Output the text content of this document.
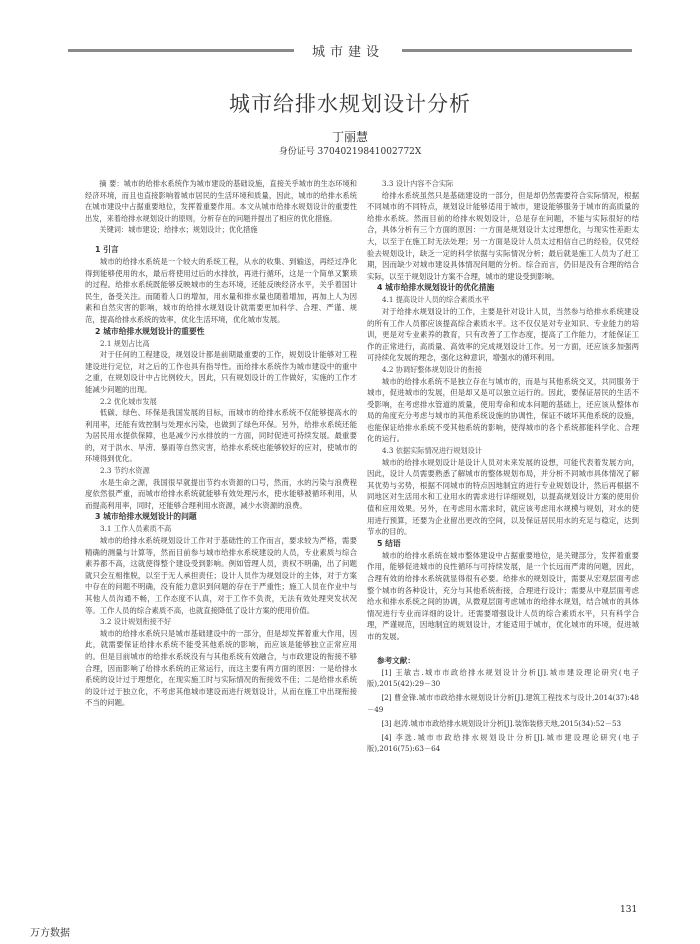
城市建设
城市给排水规划设计分析
丁丽慧
身份证号 37040219841002772X

摘 要：城市的给排水系统作为城市建设的基础设施，直接关乎城市的生态环境和经济环境，而且也直接影响着城市居民的生活环境和质量，因此，城市的给排水系统在城市建设中占据重要地位，发挥着重要作用。本文从城市给排水规划设计的重要性出发，来着给排水规划设计的原则，分析存在的问题并提出了相应的优化措施。

关键词：城市建设；给排水；规划设计；优化措施

1 引言

城市的给排水系统是一个较大的系统工程，从水的收集、到输送，再经过净化得到能够使用的水，最后将使用过后的水排放，再进行循环，这是一个简单又繁琐的过程。给排水系统既能够反映城市的生态环境，还能反映经济水平，关乎着国计民生，备受关注。而随着人口的增加，用水量和排水量也随着增加，再加上人为因素和自然灾害的影响，城市的给排水规划设计就需要更加科学、合理、严谨、规范，提高给排水系统的效率，优化生活环境，优化城市发展。

2 城市给排水规划设计的重要性
2.1 规划占比高

对于任何的工程建设，规划设计都是前期最重要的工作，规划设计能够对工程建设进行定位，对之后的工作也具有指导性。而给排水系统作为城市建设中的重中之重，在规划设计中占比例较大，因此，只有规划设计的工作做好，实施的工作才能减少问题的出现。

2.2 优化城市发展

低碳、绿色、环保是我国发展的目标，而城市的给排水系统不仅能够提高水的利用率，还能有效控制与处理水污染，也做到了绿色环保。另外，给排水系统还能为居民用水提供保障，也是减少污水排放的一方面，同时促进可持续发展。最重要的，对于洪水、旱涝、暴雨等自然灾害，给排水系统也能够较好的应对，使城市的环境得到优化。

2.3 节约水资源

水是生命之源，我国很早就提出节约水资源的口号，然而，水的污染与浪费程度依然很严重，而城市给排水系统就能够有效处理污水，使水能够被循环利用，从而提高利用率，同时，还能够合理利用水资源，减少水资源的浪费。

3 城市给排水规划设计的问题
3.1 工作人员素质不高

城市的给排水系统规划设计工作对于基础性的工作而言，要求较为严格，需要精确的测量与计算等，然而目前参与城市给排水系统建设的人员，专业素质与综合素养都不高，这就使得整个建设受到影响。例如管理人员，责权不明确，出了问题就只会互相推脱，以至于无人承担责任；设计人员作为规划设计的主体，对于方案中存在的问题不明确，没有能力意识到问题的存在于严重性；施工人员在作业中与其他人员沟通不畅，工作态度不认真，对于工作不负责，无法有效处理突发状况等。工作人员的综合素质不高，也就直接降低了设计方案的使用价值。

3.2 设计规划衔接不好

城市的给排水系统只是城市基础建设中的一部分，但是却发挥着重大作用，因此，就需要保证给排水系统不能受其他系统的影响，而应该是能够独立正常应用的。但是目前城市的给排水系统没有与其他系统有效融合，与市政建设的衔接不够合理，因而影响了给排水系统的正常运行，而这主要有两方面的原因：一是给排水系统的设计过于理想化，在现实施工时与实际情况的衔接效不佳；二是给排水系统的设计过于独立化，不考虑其他城市建设而进行规划设计，从而在施工中出现衔接不当的问题。

3.3 设计内容不合实际

给排水系统虽然只是基础建设的一部分，但是却仍然需要符合实际情况，根据不同城市的不同特点，规划设计能够适用于城市，建设能够服务于城市的高质量的给排水系统。然而目前的给排水规划设计，总是存在问题，不能与实际很好的结合，具体分析有三个方面的原因：一方面是规划设计太过理想化，与现实性差距太大，以至于在施工时无法处理；另一方面是设计人员太过相信自己的经验，仅凭经验去规划设计，缺乏一定的科学依据与实际情况分析；最后就是施工人员为了赶工期，因而缺少对城市建设具体情况问题的分析。综合而言，仍旧是没有合理的结合实际，以至于规划设计方案不合理，城市的建设受到影响。

4 城市给排水规划设计的优化措施
4.1 提高设计人员的综合素质水平

对于给排水规划设计的工作，主要是针对设计人员，当然参与给排水系统建设的所有工作人员都应该提高综合素质水平。这不仅仅是对专业知识、专业能力的培训，更是对专业素养的教育，只有改善了工作态度，提高了工作能力，才能保证工作的正常进行，高质量、高效率的完成规划设计工作。另一方面，还应该多加强两可持续化发展的理念，强化这种意识，增强水的循环利用。

4.2 协调好整体规划设计的衔接

城市的给排水系统不是独立存在与城市的，而是与其他系统交叉，共同服务于城市，促进城市的发展，但是却又是可以独立运行的。因此，要保证居民的生活不受影响，在考虑排水管道的质量，使用寿命和成本问题的基础上，还应该从整体布局的角度充分考虑与城市的其他系统设施的协调性，保证不破坏其他系统的设施，也能保证给排水系统不受其他系统的影响，使得城市的各个系统都能科学化、合理化的运行。

4.3 依据实际情况进行规划设计

城市的给排水规划设计是设计人员对未来发展的设想，可能代表着发展方向，因此，设计人员需要熟悉了解城市的整体规划布局，并分析不同城市具体情况了解其优势与劣势，根据不同城市的特点因地制宜的进行专业规划设计，然后再根据不同地区对生活用水和工业用水的需求进行详细规划，以提高规划设计方案的使用价值和应用效果。另外，在考虑用水需求时，就应该考虑用水规模与规划，对水的使用进行预算，还要为企业留出更改的空间，以及保证居民用水的充足与稳定，达到节水的目的。

5 结语

城市的给排水系统在城市整体建设中占据重要地位，是关键部分，发挥着重要作用，能够促进城市的良性循环与可持续发展，是一个长远而严肃的问题，因此，合理有效的给排水系统就显得很有必要。给排水的规划设计，需要从宏观层面考虑整个城市的各种设计，充分与其他系统衔接，合理进行设计；需要从中观层面考虑给水和排水系统之间的协调，从微观层面考虑城市的给排水规划，结合城市的具体情况进行专业而详细的设计。还需要增强设计人员的综合素质水平，只有科学合理，严谨规范，因地制宜的规划设计，才能适用于城市，优化城市的环境，促进城市的发展。

参考文献：

[1] 王敏吉.城市市政给排水规划设计分析[J].城市建设理论研究(电子版),2015(42):29－30

[2] 曹金锋.城市市政给排水规划设计分析[J].建筑工程技术与设计,2014(37):48－49

[3] 赵涛.城市市政给排水规划设计分析[J].装饰装修天地,2015(34):52－53

[4] 李选.城市市政给排水规划设计分析[J].城市建设理论研究(电子版),2016(75):63－64

131
万方数据
